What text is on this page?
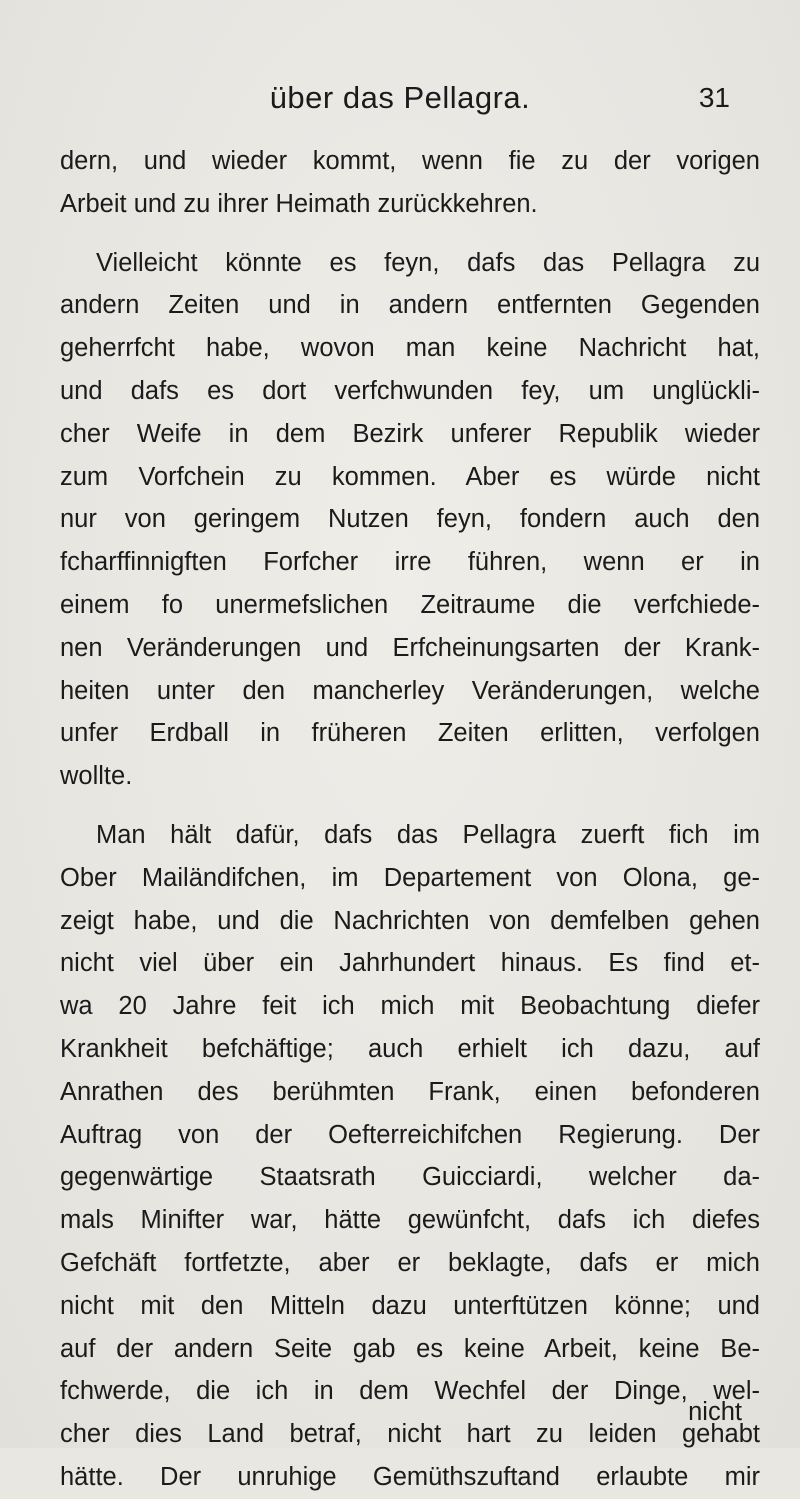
über das Pellagra.	31
dern, und wieder kommt, wenn fie zu der vorigen
Arbeit und zu ihrer Heimath zurückkehren.
Vielleicht könnte es feyn, dafs das Pellagra zu
andern Zeiten und in andern entfernten Gegenden
geherrfcht habe, wovon man keine Nachricht hat,
und dafs es dort verfchwunden fey, um unglückli-
cher Weife in dem Bezirk unferer Republik wieder
zum Vorfchein zu kommen. Aber es würde nicht
nur von geringem Nutzen feyn, fondern auch den
fcharffinnigften Forfcher irre führen, wenn er in
einem fo unermefslichen Zeitraume die verfchiede-
nen Veränderungen und Erfcheinungsarten der Krank-
heiten unter den mancherley Veränderungen, welche
unfer Erdball in früheren Zeiten erlitten, verfolgen
wollte.
Man hält dafür, dafs das Pellagra zuerft fich im
Ober Mailändifchen, im Departement von Olona, ge-
zeigt habe, und die Nachrichten von demfelben gehen
nicht viel über ein Jahrhundert hinaus. Es find et-
wa 20 Jahre feit ich mich mit Beobachtung diefer
Krankheit befchäftige; auch erhielt ich dazu, auf
Anrathen des berühmten Frank, einen befonderen
Auftrag von der Oefterreichifchen Regierung. Der
gegenwärtige Staatsrath Guicciardi, welcher da-
mals Minifter war, hätte gewünfcht, dafs ich diefes
Gefchäft fortfetzte, aber er beklagte, dafs er mich
nicht mit den Mitteln dazu unterftützen könne; und
auf der andern Seite gab es keine Arbeit, keine Be-
fchwerde, die ich in dem Wechfel der Dinge, wel-
cher dies Land betraf, nicht hart zu leiden gehabt
hätte. Der unruhige Gemüthszuftand erlaubte mir
nicht
